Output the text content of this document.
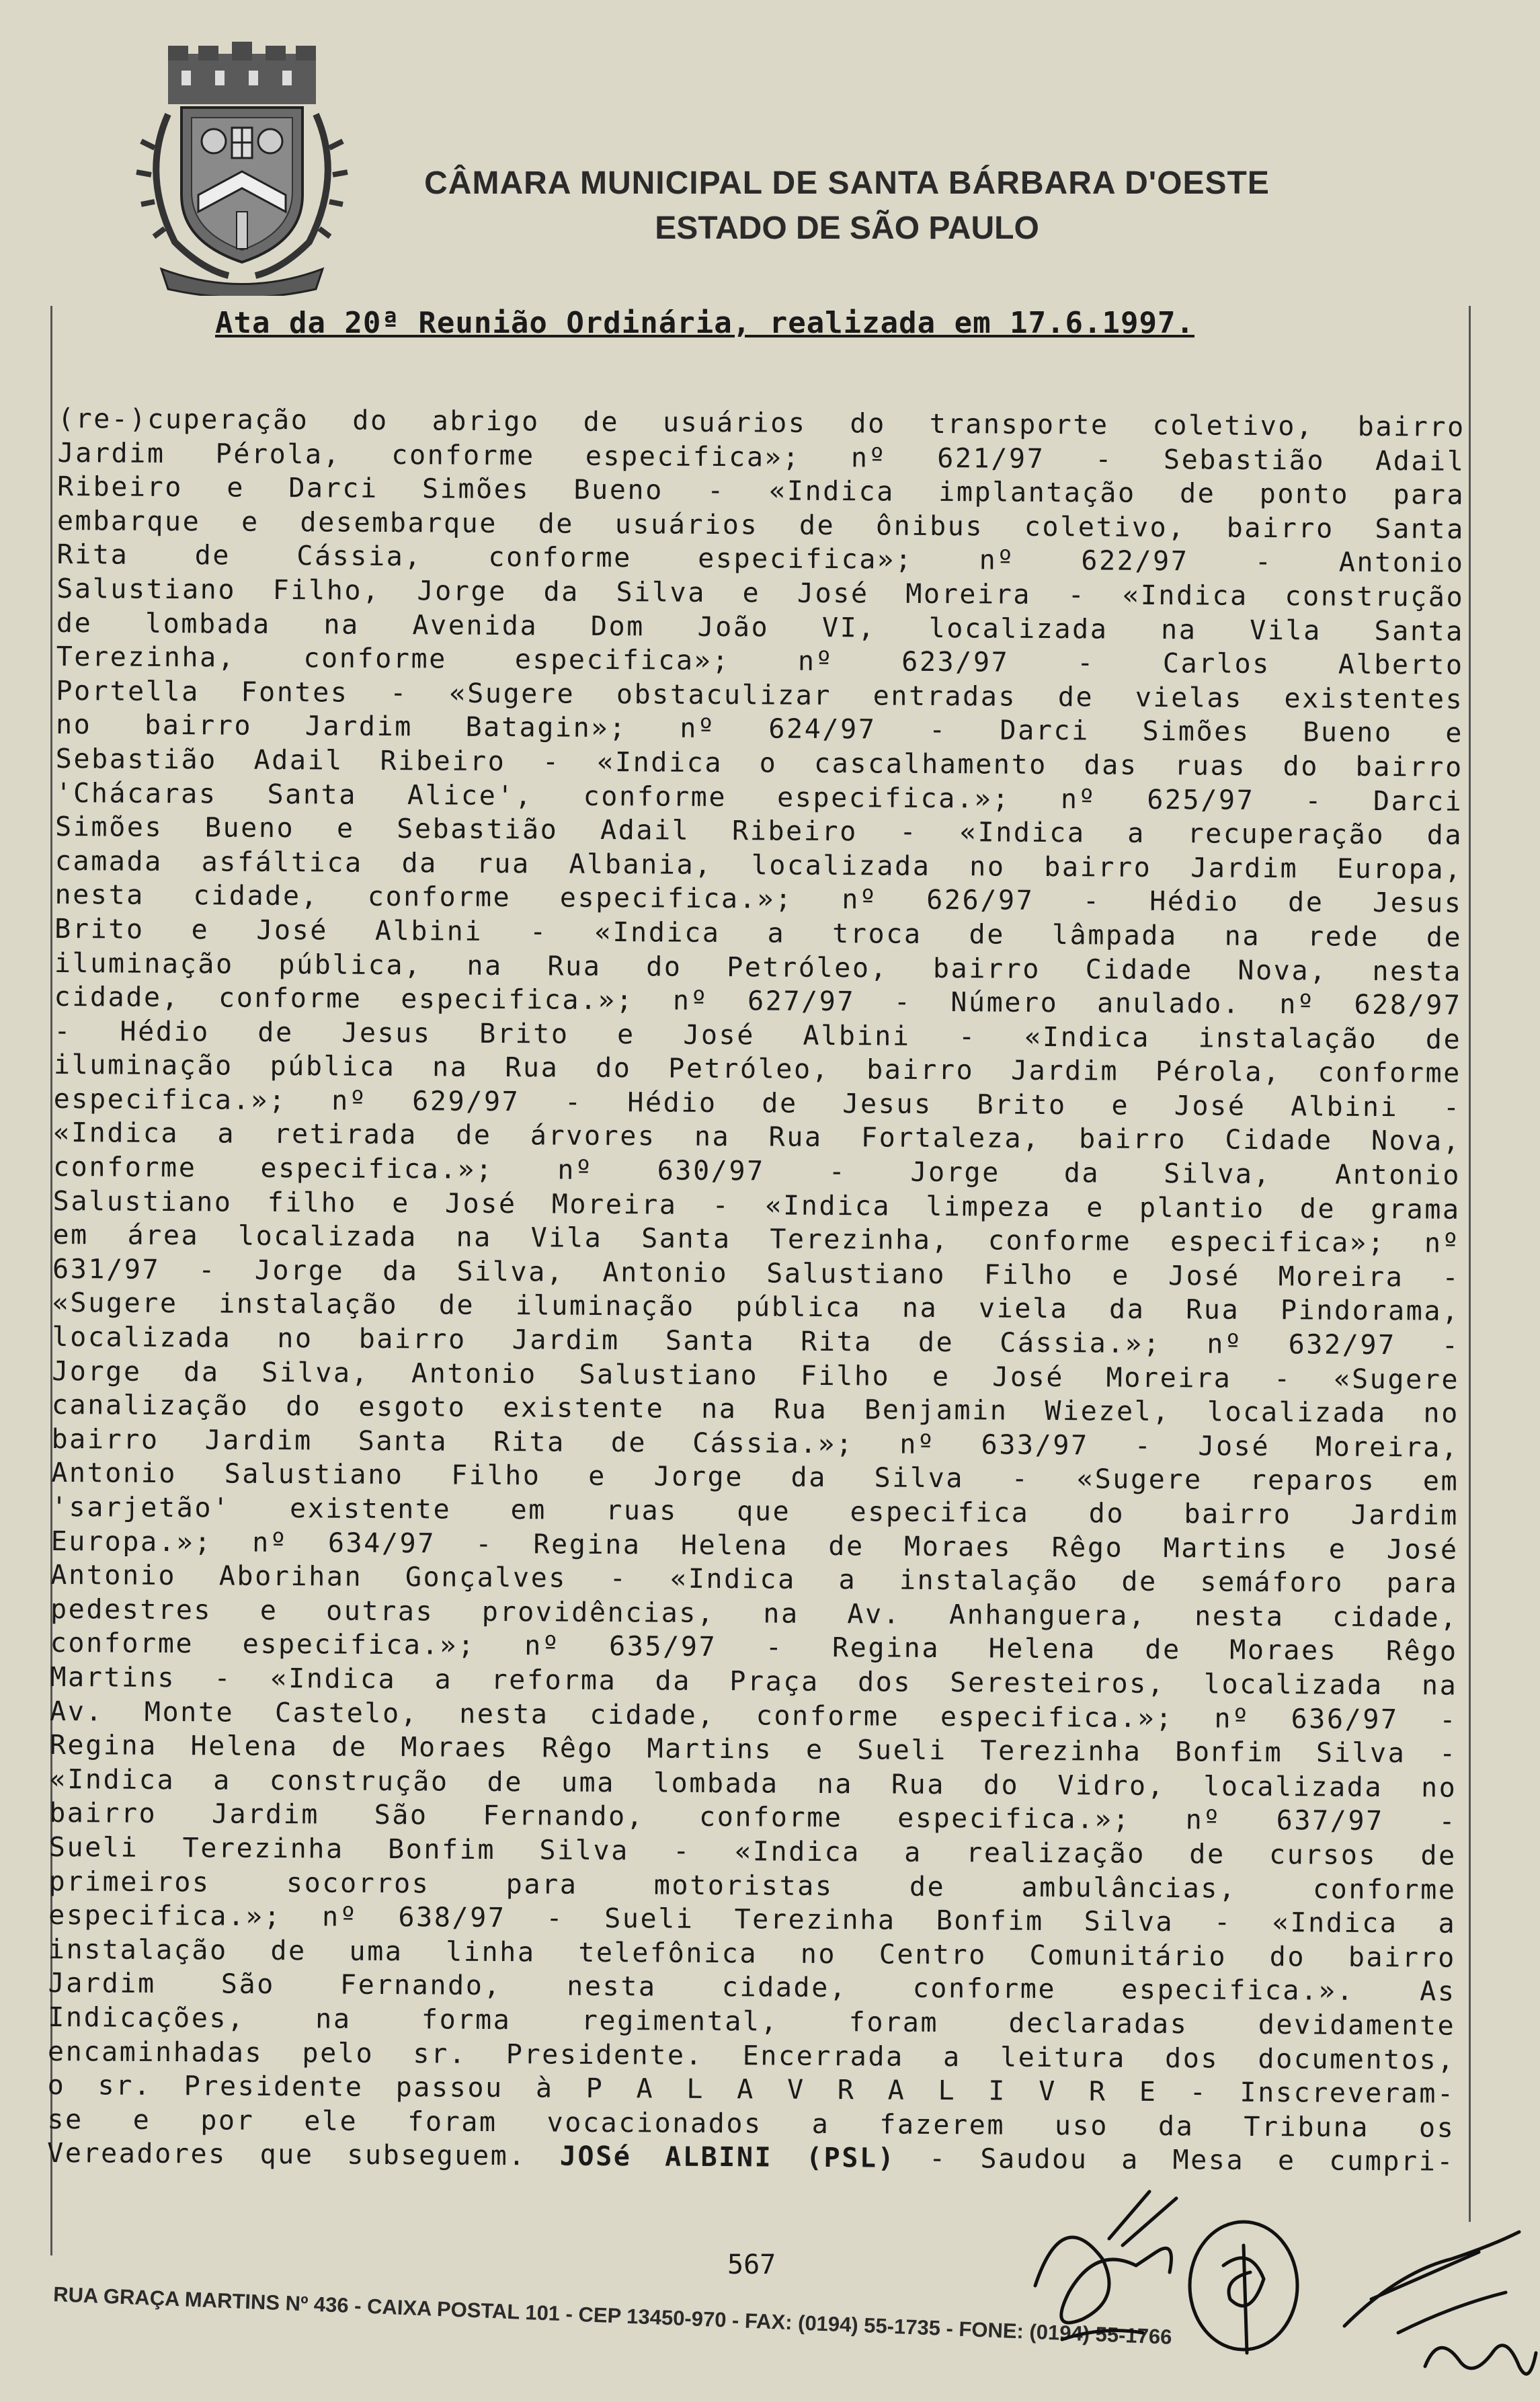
CÂMARA MUNICIPAL DE SANTA BÁRBARA D'OESTE
ESTADO DE SÃO PAULO
Ata da 20ª Reunião Ordinária, realizada em 17.6.1997.
(re-)cuperação do abrigo de usuários do transporte coletivo, bairro
Jardim Pérola, conforme especifica»; nº 621/97 - Sebastião Adail
Ribeiro e Darci Simões Bueno - «Indica implantação de ponto para
embarque e desembarque de usuários de ônibus coletivo, bairro Santa
Rita de Cássia, conforme especifica»; nº 622/97 - Antonio
Salustiano Filho, Jorge da Silva e José Moreira - «Indica construção
de lombada na Avenida Dom João VI, localizada na Vila Santa
Terezinha, conforme especifica»; nº 623/97 - Carlos Alberto
Portella Fontes - «Sugere obstaculizar entradas de vielas existentes
no bairro Jardim Batagin»; nº 624/97 - Darci Simões Bueno e
Sebastião Adail Ribeiro - «Indica o cascalhamento das ruas do bairro
'Chácaras Santa Alice', conforme especifica.»; nº 625/97 - Darci
Simões Bueno e Sebastião Adail Ribeiro - «Indica a recuperação da
camada asfáltica da rua Albania, localizada no bairro Jardim Europa,
nesta cidade, conforme especifica.»; nº 626/97 - Hédio de Jesus
Brito e José Albini - «Indica a troca de lâmpada na rede de
iluminação pública, na Rua do Petróleo, bairro Cidade Nova, nesta
cidade, conforme especifica.»; nº 627/97 - Número anulado. nº 628/97
- Hédio de Jesus Brito e José Albini - «Indica instalação de
iluminação pública na Rua do Petróleo, bairro Jardim Pérola, conforme
especifica.»; nº 629/97 - Hédio de Jesus Brito e José Albini -
«Indica a retirada de árvores na Rua Fortaleza, bairro Cidade Nova,
conforme especifica.»; nº 630/97 - Jorge da Silva, Antonio
Salustiano filho e José Moreira - «Indica limpeza e plantio de grama
em área localizada na Vila Santa Terezinha, conforme especifica»; nº
631/97 - Jorge da Silva, Antonio Salustiano Filho e José Moreira -
«Sugere instalação de iluminação pública na viela da Rua Pindorama,
localizada no bairro Jardim Santa Rita de Cássia.»; nº 632/97 -
Jorge da Silva, Antonio Salustiano Filho e José Moreira - «Sugere
canalização do esgoto existente na Rua Benjamin Wiezel, localizada no
bairro Jardim Santa Rita de Cássia.»; nº 633/97 - José Moreira,
Antonio Salustiano Filho e Jorge da Silva - «Sugere reparos em
'sarjetão' existente em ruas que especifica do bairro Jardim
Europa.»; nº 634/97 - Regina Helena de Moraes Rêgo Martins e José
Antonio Aborihan Gonçalves - «Indica a instalação de semáforo para
pedestres e outras providências, na Av. Anhanguera, nesta cidade,
conforme especifica.»; nº 635/97 - Regina Helena de Moraes Rêgo
Martins - «Indica a reforma da Praça dos Seresteiros, localizada na
Av. Monte Castelo, nesta cidade, conforme especifica.»; nº 636/97 -
Regina Helena de Moraes Rêgo Martins e Sueli Terezinha Bonfim Silva -
«Indica a construção de uma lombada na Rua do Vidro, localizada no
bairro Jardim São Fernando, conforme especifica.»; nº 637/97 -
Sueli Terezinha Bonfim Silva - «Indica a realização de cursos de
primeiros socorros para motoristas de ambulâncias, conforme
especifica.»; nº 638/97 - Sueli Terezinha Bonfim Silva - «Indica a
instalação de uma linha telefônica no Centro Comunitário do bairro
Jardim São Fernando, nesta cidade, conforme especifica.». As
Indicações, na forma regimental, foram declaradas devidamente
encaminhadas pelo sr. Presidente. Encerrada a leitura dos documentos,
o sr. Presidente passou à P A L A V R A L I V R E - Inscreveram-
se e por ele foram vocacionados a fazerem uso da Tribuna os
Vereadores que subseguem. JOSé ALBINI (PSL) - Saudou a Mesa e cumpri-
567
RUA GRAÇA MARTINS Nº 436 - CAIXA POSTAL 101 - CEP 13450-970 - FAX: (0194) 55-1735 - FONE: (0194) 55-1766
